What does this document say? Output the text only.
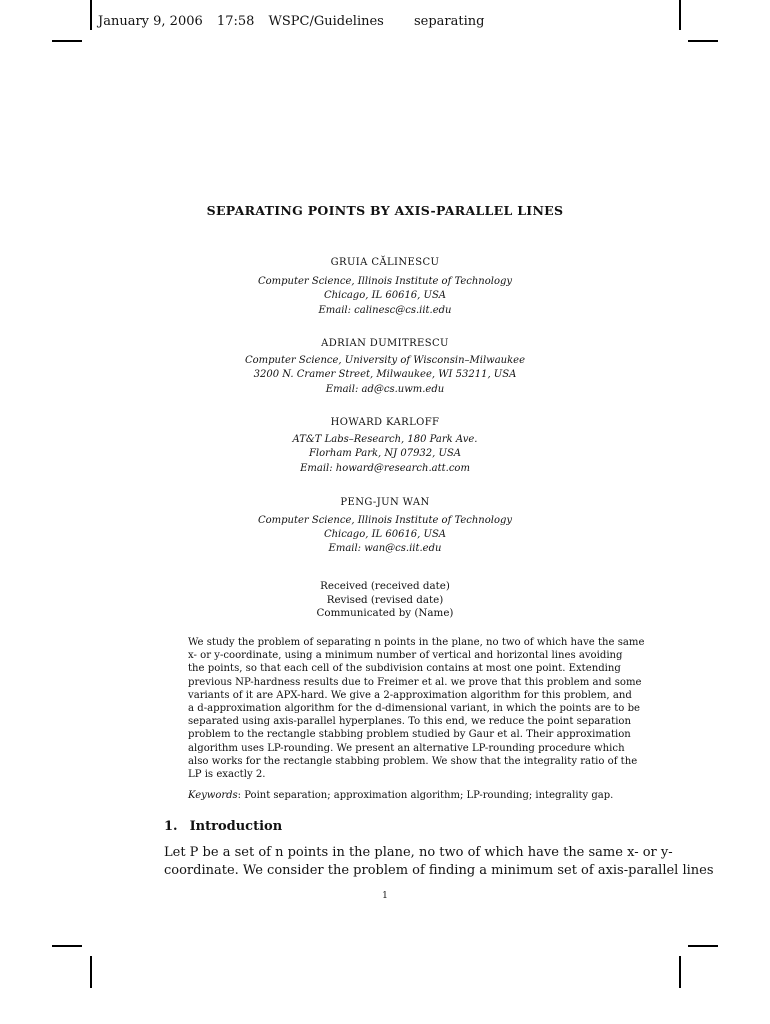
January 9, 2006 17:58 WSPC/Guidelines separating
SEPARATING POINTS BY AXIS-PARALLEL LINES
GRUIA CĂLINESCU
Computer Science, Illinois Institute of Technology
Chicago, IL 60616, USA
Email: calinesc@cs.iit.edu
ADRIAN DUMITRESCU
Computer Science, University of Wisconsin–Milwaukee
3200 N. Cramer Street, Milwaukee, WI 53211, USA
Email: ad@cs.uwm.edu
HOWARD KARLOFF
AT&T Labs–Research, 180 Park Ave.
Florham Park, NJ 07932, USA
Email: howard@research.att.com
PENG-JUN WAN
Computer Science, Illinois Institute of Technology
Chicago, IL 60616, USA
Email: wan@cs.iit.edu
Received (received date)
Revised (revised date)
Communicated by (Name)
We study the problem of separating n points in the plane, no two of which have the same
x- or y-coordinate, using a minimum number of vertical and horizontal lines avoiding
the points, so that each cell of the subdivision contains at most one point. Extending
previous NP-hardness results due to Freimer et al. we prove that this problem and some
variants of it are APX-hard. We give a 2-approximation algorithm for this problem, and
a d-approximation algorithm for the d-dimensional variant, in which the points are to be
separated using axis-parallel hyperplanes. To this end, we reduce the point separation
problem to the rectangle stabbing problem studied by Gaur et al. Their approximation
algorithm uses LP-rounding. We present an alternative LP-rounding procedure which
also works for the rectangle stabbing problem. We show that the integrality ratio of the
LP is exactly 2.
Keywords: Point separation; approximation algorithm; LP-rounding; integrality gap.
1. Introduction
Let P be a set of n points in the plane, no two of which have the same x- or y-
coordinate. We consider the problem of finding a minimum set of axis-parallel lines
1
